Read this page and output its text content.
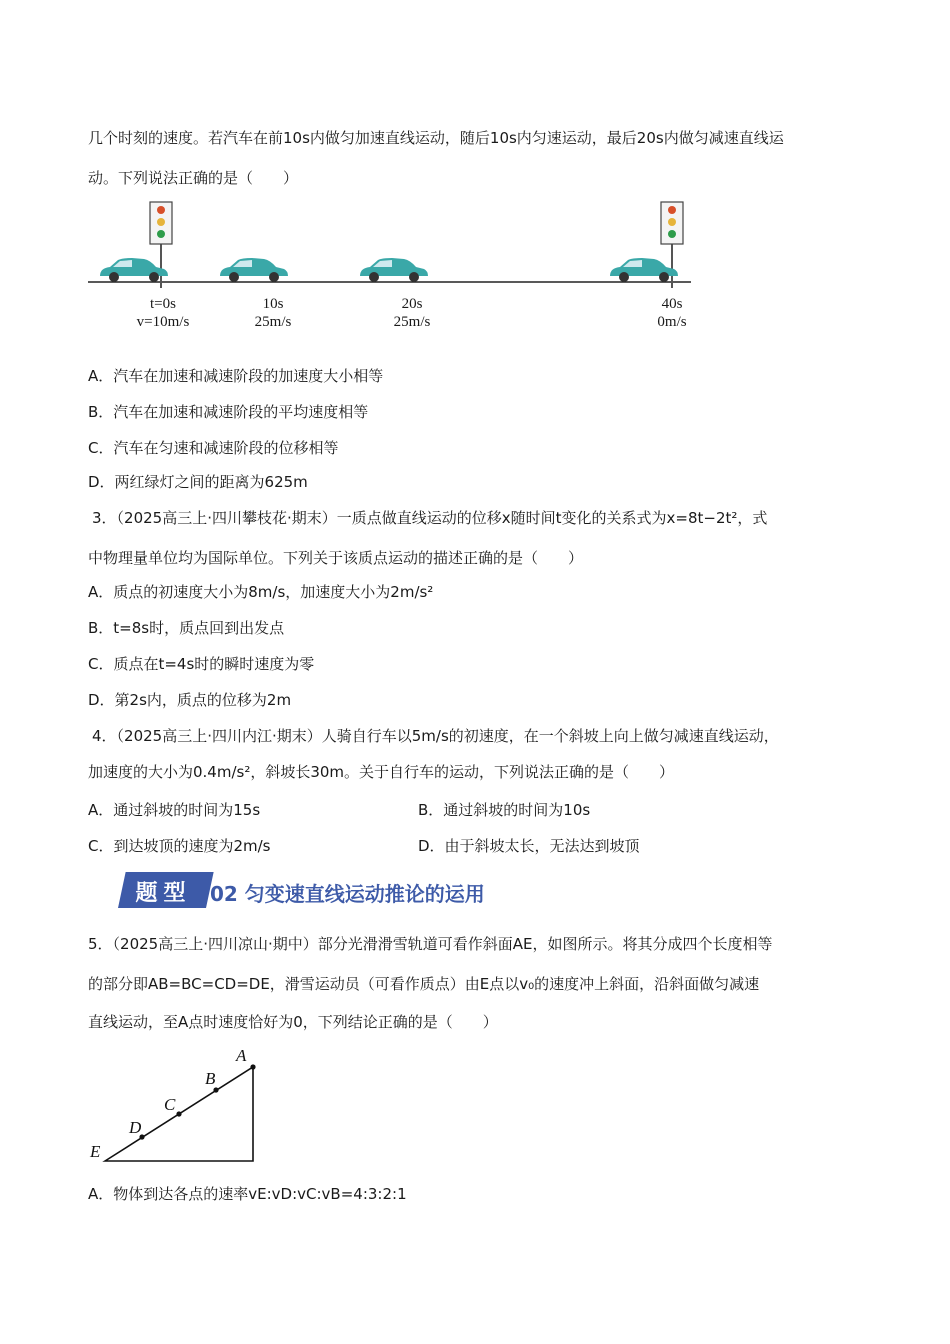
几个时刻的速度。若汽车在前10s内做匀加速直线运动，随后10s内匀速运动，最后20s内做匀减速直线运
动。下列说法正确的是（　　）
t=0s
v=10m/s
10s
25m/s
20s
25m/s
40s
0m/s
A．汽车在加速和减速阶段的加速度大小相等
B．汽车在加速和减速阶段的平均速度相等
C．汽车在匀速和减速阶段的位移相等
D．两红绿灯之间的距离为625m
3．（2025高三上·四川攀枝花·期末）一质点做直线运动的位移x随时间t变化的关系式为x=8t−2t²，式
中物理量单位均为国际单位。下列关于该质点运动的描述正确的是（　　）
A．质点的初速度大小为8m/s，加速度大小为2m/s²
B．t=8s时，质点回到出发点
C．质点在t=4s时的瞬时速度为零
D．第2s内，质点的位移为2m
4．（2025高三上·四川内江·期末）人骑自行车以5m/s的初速度，在一个斜坡上向上做匀减速直线运动，
加速度的大小为0.4m/s²，斜坡长30m。关于自行车的运动，下列说法正确的是（　　）
A．通过斜坡的时间为15s	B．通过斜坡的时间为10s
C．到达坡顶的速度为2m/s	D．由于斜坡太长，无法达到坡顶
题型 02 匀变速直线运动推论的运用
5．（2025高三上·四川凉山·期中）部分光滑滑雪轨道可看作斜面AE，如图所示。将其分成四个长度相等
的部分即AB=BC=CD=DE，滑雪运动员（可看作质点）由E点以v₀的速度冲上斜面，沿斜面做匀减速
直线运动，至A点时速度恰好为0，下列结论正确的是（　　）
A
B
C
D
E
A．物体到达各点的速率vE:vD:vC:vB=4:3:2:1
